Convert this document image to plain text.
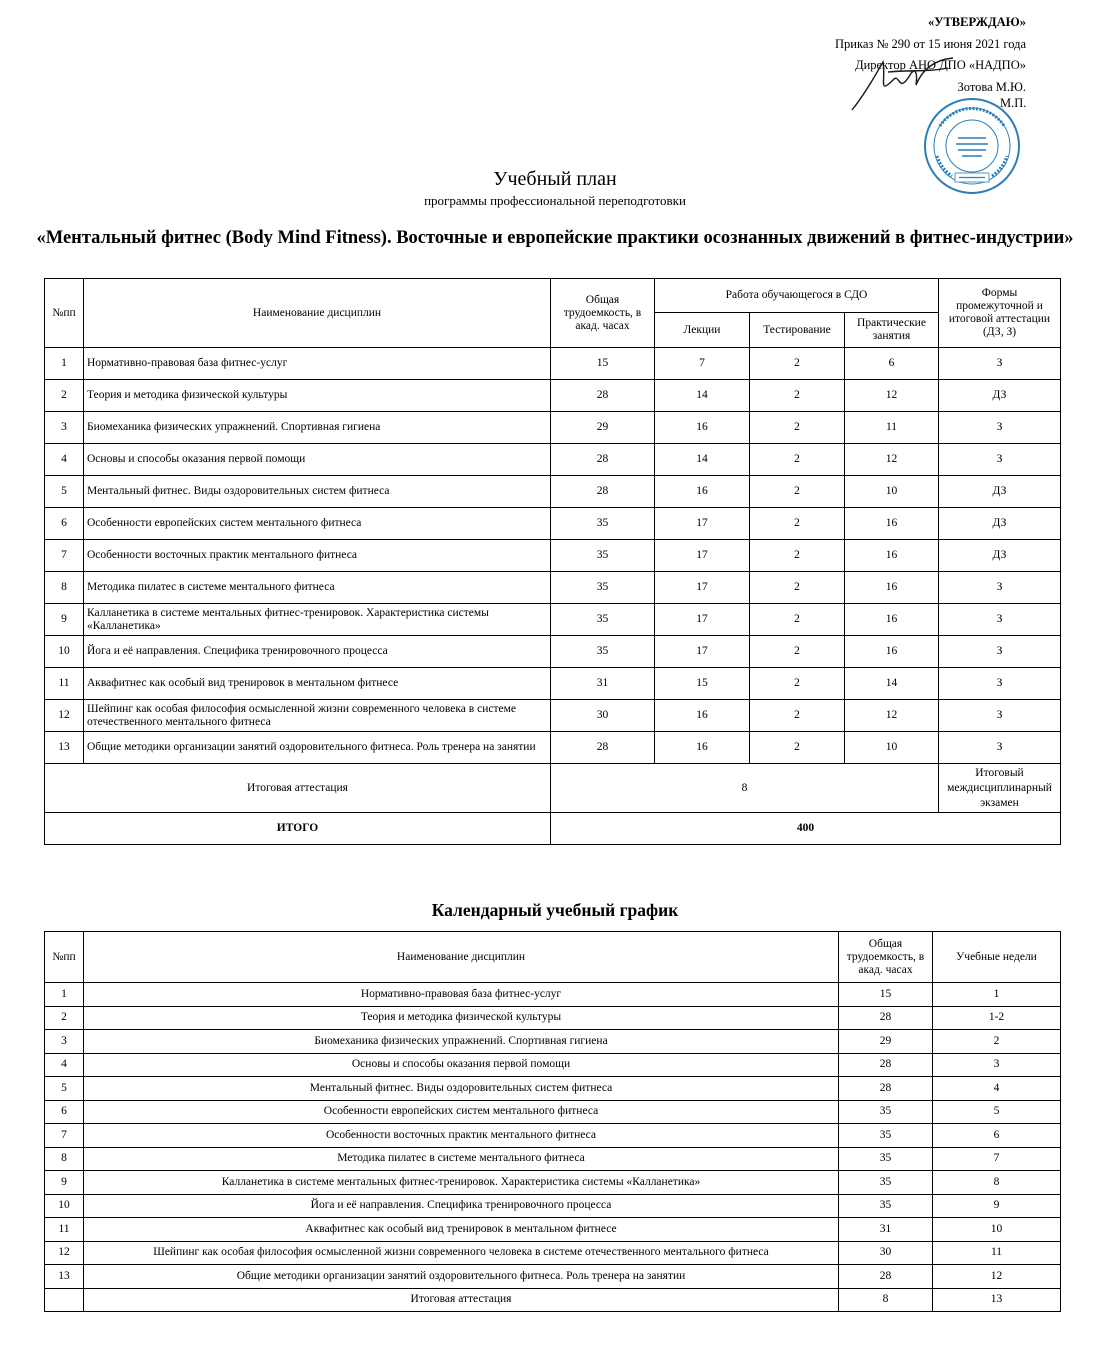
«УТВЕРЖДАЮ»
Приказ № 290 от 15 июня 2021 года
Директор АНО ДПО «НАДПО»
Зотова М.Ю.
М.П.
Учебный план
программы профессиональной переподготовки
«Ментальный фитнес (Body Mind Fitness). Восточные и европейские практики осознанных движений в фитнес-индустрии»
№пп	Наименование дисциплин	Общая трудоемкость, в акад. часах	Работа обучающегося в СДО			Формы промежуточной и итоговой аттестации (ДЗ, З)
			Лекции	Тестирование	Практические занятия	
1	Нормативно-правовая база фитнес-услуг	15	7	2	6	З
2	Теория и методика физической культуры	28	14	2	12	ДЗ
3	Биомеханика физических упражнений. Спортивная гигиена	29	16	2	11	З
4	Основы и способы оказания первой помощи	28	14	2	12	З
5	Ментальный фитнес. Виды оздоровительных систем фитнеса	28	16	2	10	ДЗ
6	Особенности европейских систем ментального фитнеса	35	17	2	16	ДЗ
7	Особенности восточных практик ментального фитнеса	35	17	2	16	ДЗ
8	Методика пилатес в системе ментального фитнеса	35	17	2	16	З
9	Калланетика в системе ментальных фитнес-тренировок. Характеристика системы «Калланетика»	35	17	2	16	З
10	Йога и её направления. Специфика тренировочного процесса	35	17	2	16	З
11	Аквафитнес как особый вид тренировок в ментальном фитнесе	31	15	2	14	З
12	Шейпинг как особая философия осмысленной жизни современного человека в системе отечественного ментального фитнеса	30	16	2	12	З
13	Общие методики организации занятий оздоровительного фитнеса. Роль тренера на занятии	28	16	2	10	З
Итоговая аттестация		8				Итоговый междисциплинарный экзамен
ИТОГО		400				
Календарный учебный график
№пп	Наименование дисциплин	Общая трудоемкость, в акад. часах	Учебные недели
1	Нормативно-правовая база фитнес-услуг	15	1
2	Теория и методика физической культуры	28	1-2
3	Биомеханика физических упражнений. Спортивная гигиена	29	2
4	Основы и способы оказания первой помощи	28	3
5	Ментальный фитнес. Виды оздоровительных систем фитнеса	28	4
6	Особенности европейских систем ментального фитнеса	35	5
7	Особенности восточных практик ментального фитнеса	35	6
8	Методика пилатес в системе ментального фитнеса	35	7
9	Калланетика в системе ментальных фитнес-тренировок. Характеристика системы «Калланетика»	35	8
10	Йога и её направления. Специфика тренировочного процесса	35	9
11	Аквафитнес как особый вид тренировок в ментальном фитнесе	31	10
12	Шейпинг как особая философия осмысленной жизни современного человека в системе отечественного ментального фитнеса	30	11
13	Общие методики организации занятий оздоровительного фитнеса. Роль тренера на занятии	28	12
	Итоговая аттестация	8	13
